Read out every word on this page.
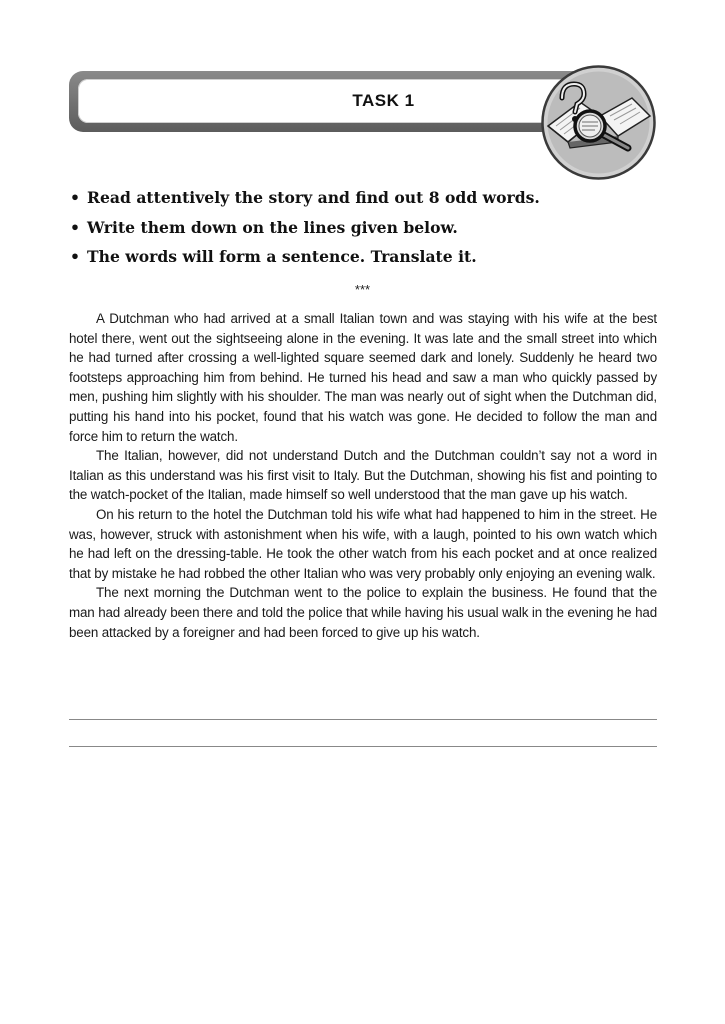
TASK 1
• Read attentively the story and find out 8 odd words.
• Write them down on the lines given below.
• The words will form a sentence. Translate it.
***

A Dutchman who had arrived at a small Italian town and was staying with his wife at the best hotel there, went out the sightseeing alone in the evening. It was late and the small street into which he had turned after crossing a well-lighted square seemed dark and lonely. Suddenly he heard two footsteps approaching him from behind. He turned his head and saw a man who quickly passed by men, pushing him slightly with his shoulder. The man was nearly out of sight when the Dutchman did, putting his hand into his pocket, found that his watch was gone. He decided to follow the man and force him to return the watch.

The Italian, however, did not understand Dutch and the Dutchman couldn’t say not a word in Italian as this understand was his first visit to Italy. But the Dutchman, showing his fist and pointing to the watch-pocket of the Italian, made himself so well understood that the man gave up his watch.

On his return to the hotel the Dutchman told his wife what had happened to him in the street. He was, however, struck with astonishment when his wife, with a laugh, pointed to his own watch which he had left on the dressing-table. He took the other watch from his each pocket and at once realized that by mistake he had robbed the other Italian who was very probably only enjoying an evening walk.

The next morning the Dutchman went to the police to explain the business. He found that the man had already been there and told the police that while having his usual walk in the evening he had been attacked by a foreigner and had been forced to give up his watch.
